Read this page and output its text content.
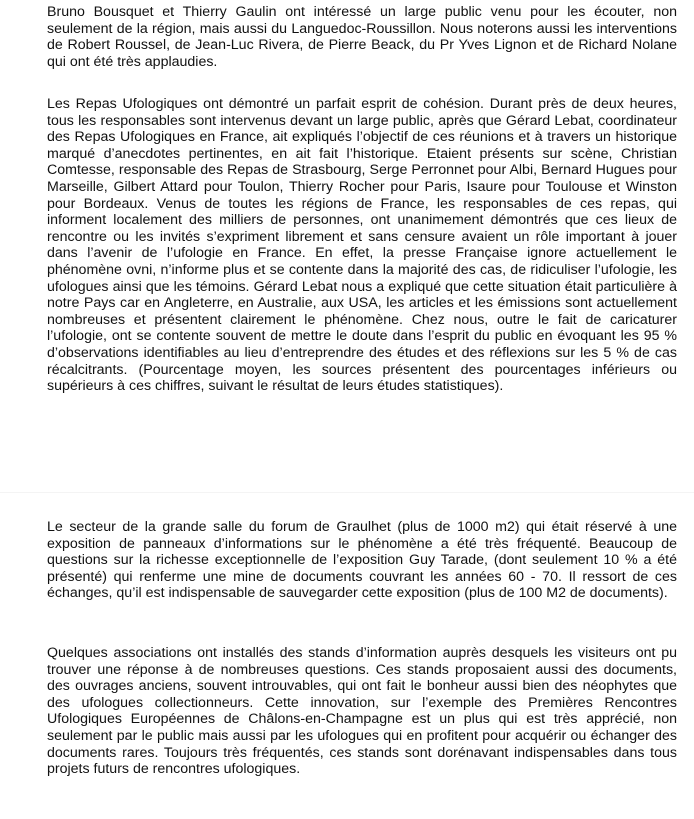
Bruno Bousquet et Thierry Gaulin ont intéressé un large public venu pour les écouter, non seulement de la région, mais aussi du Languedoc-Roussillon. Nous noterons aussi les interventions de Robert Roussel, de Jean-Luc Rivera, de Pierre Beack, du Pr Yves Lignon et de Richard Nolane qui ont été très applaudies.

Les Repas Ufologiques ont démontré un parfait esprit de cohésion. Durant près de deux heures, tous les responsables sont intervenus devant un large public, après que Gérard Lebat, coordinateur des Repas Ufologiques en France, ait expliqués l’objectif de ces réunions et à travers un historique marqué d’anecdotes pertinentes, en ait fait l’historique. Etaient présents sur scène, Christian Comtesse, responsable des Repas de Strasbourg, Serge Perronnet pour Albi, Bernard Hugues pour Marseille, Gilbert Attard pour Toulon, Thierry Rocher pour Paris, Isaure pour Toulouse et Winston pour Bordeaux. Venus de toutes les régions de France, les responsables de ces repas, qui informent localement des milliers de personnes, ont unanimement démontrés que ces lieux de rencontre ou les invités s’expriment librement et sans censure avaient un rôle important à jouer dans l’avenir de l’ufologie en France. En effet, la presse Française ignore actuellement le phénomène ovni, n’informe plus et se contente dans la majorité des cas, de ridiculiser l’ufologie, les ufologues ainsi que les témoins. Gérard Lebat nous a expliqué que cette situation était particulière à notre Pays car en Angleterre, en Australie, aux USA, les articles et les émissions sont actuellement nombreuses et présentent clairement le phénomène. Chez nous, outre le fait de caricaturer l’ufologie, ont se contente souvent de mettre le doute dans l’esprit du public en évoquant les 95 % d’observations identifiables au lieu d’entreprendre des études et des réflexions sur les 5 % de cas récalcitrants. (Pourcentage moyen, les sources présentent des pourcentages inférieurs ou supérieurs à ces chiffres, suivant le résultat de leurs études statistiques).

Le secteur de la grande salle du forum de Graulhet (plus de 1000 m2) qui était réservé à une exposition de panneaux d’informations sur le phénomène a été très fréquenté. Beaucoup de questions sur la richesse exceptionnelle de l’exposition Guy Tarade, (dont seulement 10 % a été présenté) qui renferme une mine de documents couvrant les années 60 - 70. Il ressort de ces échanges, qu’il est indispensable de sauvegarder cette exposition (plus de 100 M2 de documents).

Quelques associations ont installés des stands d’information auprès desquels les visiteurs ont pu trouver une réponse à de nombreuses questions. Ces stands proposaient aussi des documents, des ouvrages anciens, souvent introuvables, qui ont fait le bonheur aussi bien des néophytes que des ufologues collectionneurs. Cette innovation, sur l’exemple des Premières Rencontres Ufologiques Européennes de Châlons-en-Champagne est un plus qui est très apprécié, non seulement par le public mais aussi par les ufologues qui en profitent pour acquérir ou échanger des documents rares. Toujours très fréquentés, ces stands sont dorénavant indispensables dans tous projets futurs de rencontres ufologiques.
